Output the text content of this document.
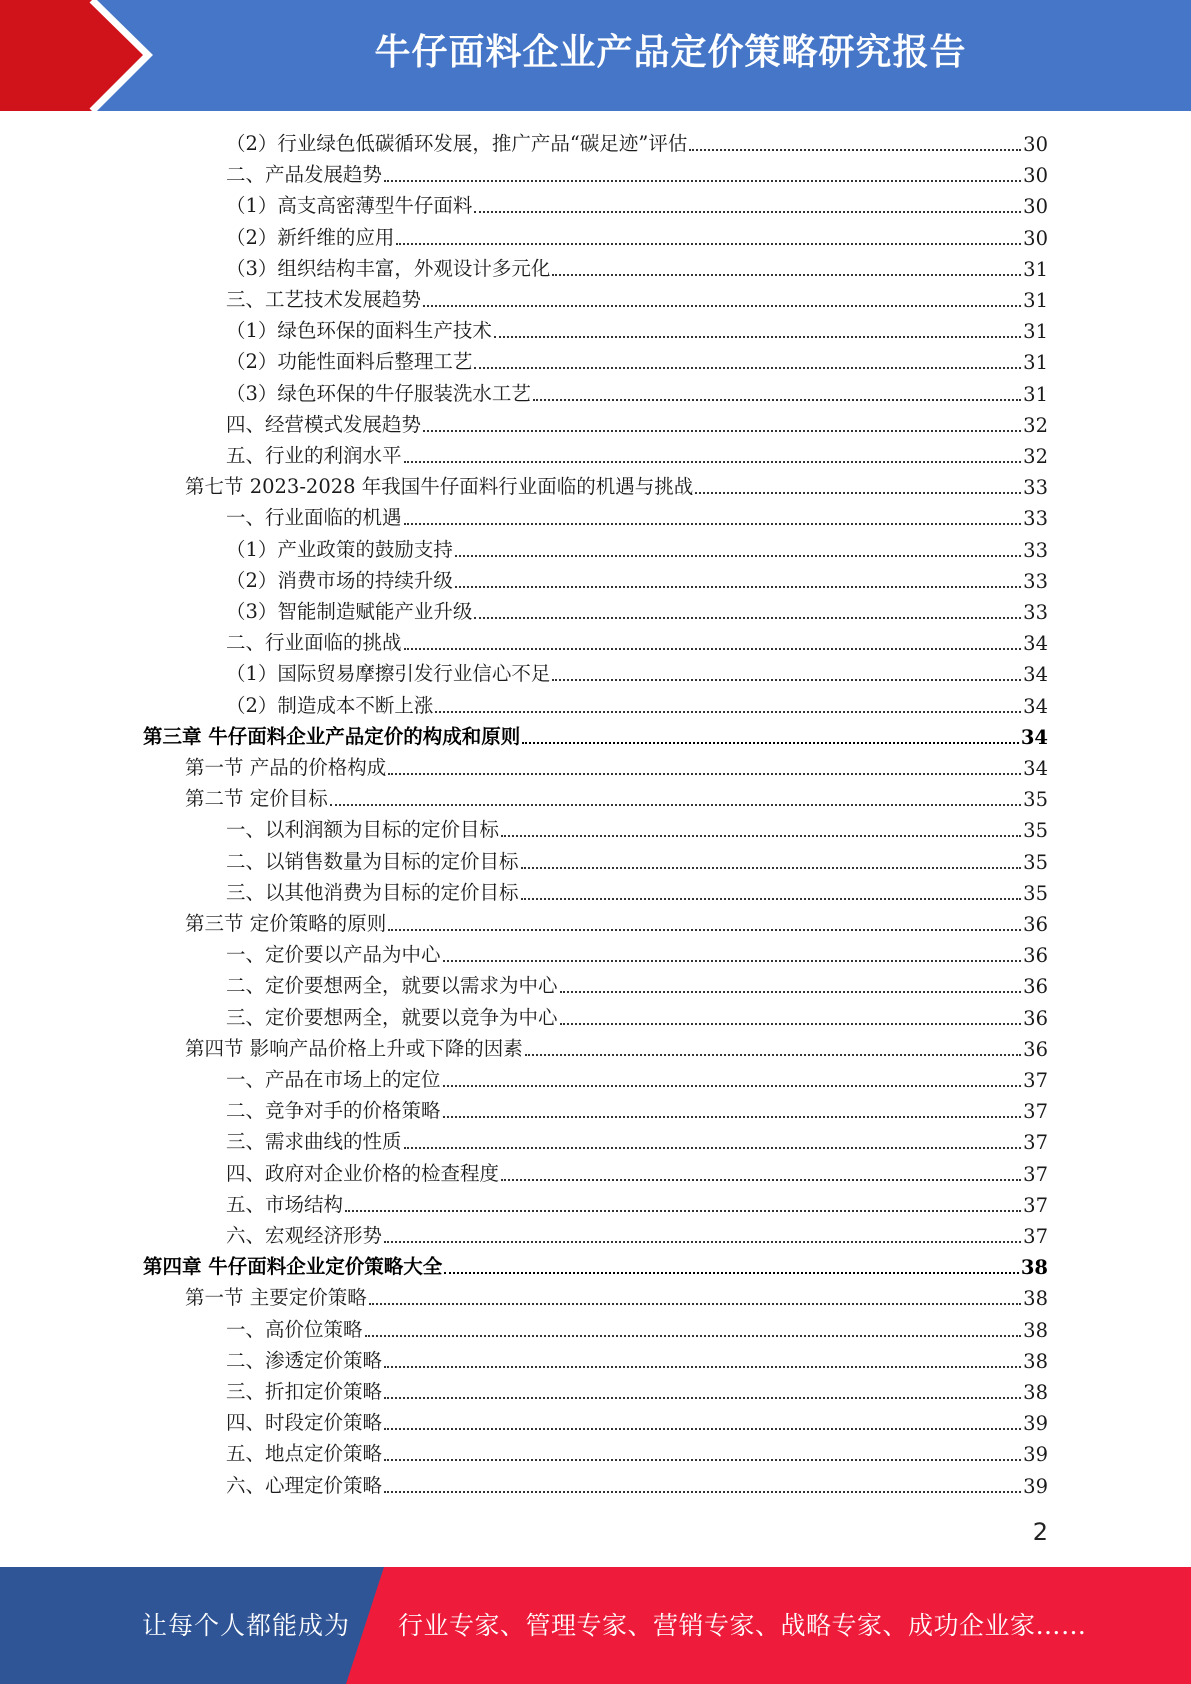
牛仔面料企业产品定价策略研究报告
（2）行业绿色低碳循环发展，推广产品“碳足迹”评估	30
二、产品发展趋势	30
（1）高支高密薄型牛仔面料	30
（2）新纤维的应用	30
（3）组织结构丰富，外观设计多元化	31
三、工艺技术发展趋势	31
（1）绿色环保的面料生产技术	31
（2）功能性面料后整理工艺	31
（3）绿色环保的牛仔服装洗水工艺	31
四、经营模式发展趋势	32
五、行业的利润水平	32
第七节 2023-2028 年我国牛仔面料行业面临的机遇与挑战	33
一、行业面临的机遇	33
（1）产业政策的鼓励支持	33
（2）消费市场的持续升级	33
（3）智能制造赋能产业升级	33
二、行业面临的挑战	34
（1）国际贸易摩擦引发行业信心不足	34
（2）制造成本不断上涨	34
第三章 牛仔面料企业产品定价的构成和原则	34
第一节 产品的价格构成	34
第二节 定价目标	35
一、以利润额为目标的定价目标	35
二、以销售数量为目标的定价目标	35
三、以其他消费为目标的定价目标	35
第三节 定价策略的原则	36
一、定价要以产品为中心	36
二、定价要想两全，就要以需求为中心	36
三、定价要想两全，就要以竞争为中心	36
第四节 影响产品价格上升或下降的因素	36
一、产品在市场上的定位	37
二、竞争对手的价格策略	37
三、需求曲线的性质	37
四、政府对企业价格的检查程度	37
五、市场结构	37
六、宏观经济形势	37
第四章 牛仔面料企业定价策略大全	38
第一节 主要定价策略	38
一、高价位策略	38
二、渗透定价策略	38
三、折扣定价策略	38
四、时段定价策略	39
五、地点定价策略	39
六、心理定价策略	39
2
让每个人都能成为 行业专家、管理专家、营销专家、战略专家、成功企业家……
